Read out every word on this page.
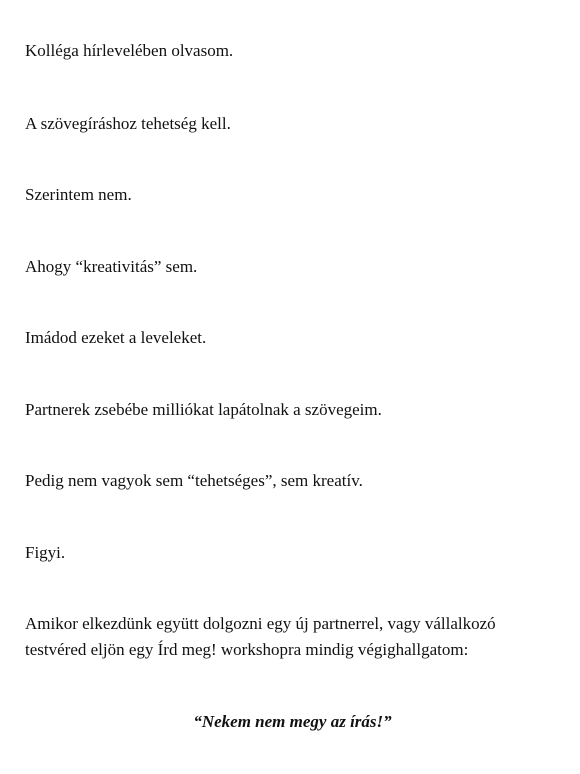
Kolléga hírlevelében olvasom.

A szövegíráshoz tehetség kell.

Szerintem nem.

Ahogy “kreativitás” sem.

Imádod ezeket a leveleket.

Partnerek zsebébe milliókat lapátolnak a szövegeim.

Pedig nem vagyok sem “tehetséges”, sem kreatív.

Figyi.

Amikor elkezdünk együtt dolgozni egy új partnerrel, vagy vállalkozó testvéred eljön egy Írd meg! workshopra mindig végighallgatom:

“Nekem nem megy az írás!”
